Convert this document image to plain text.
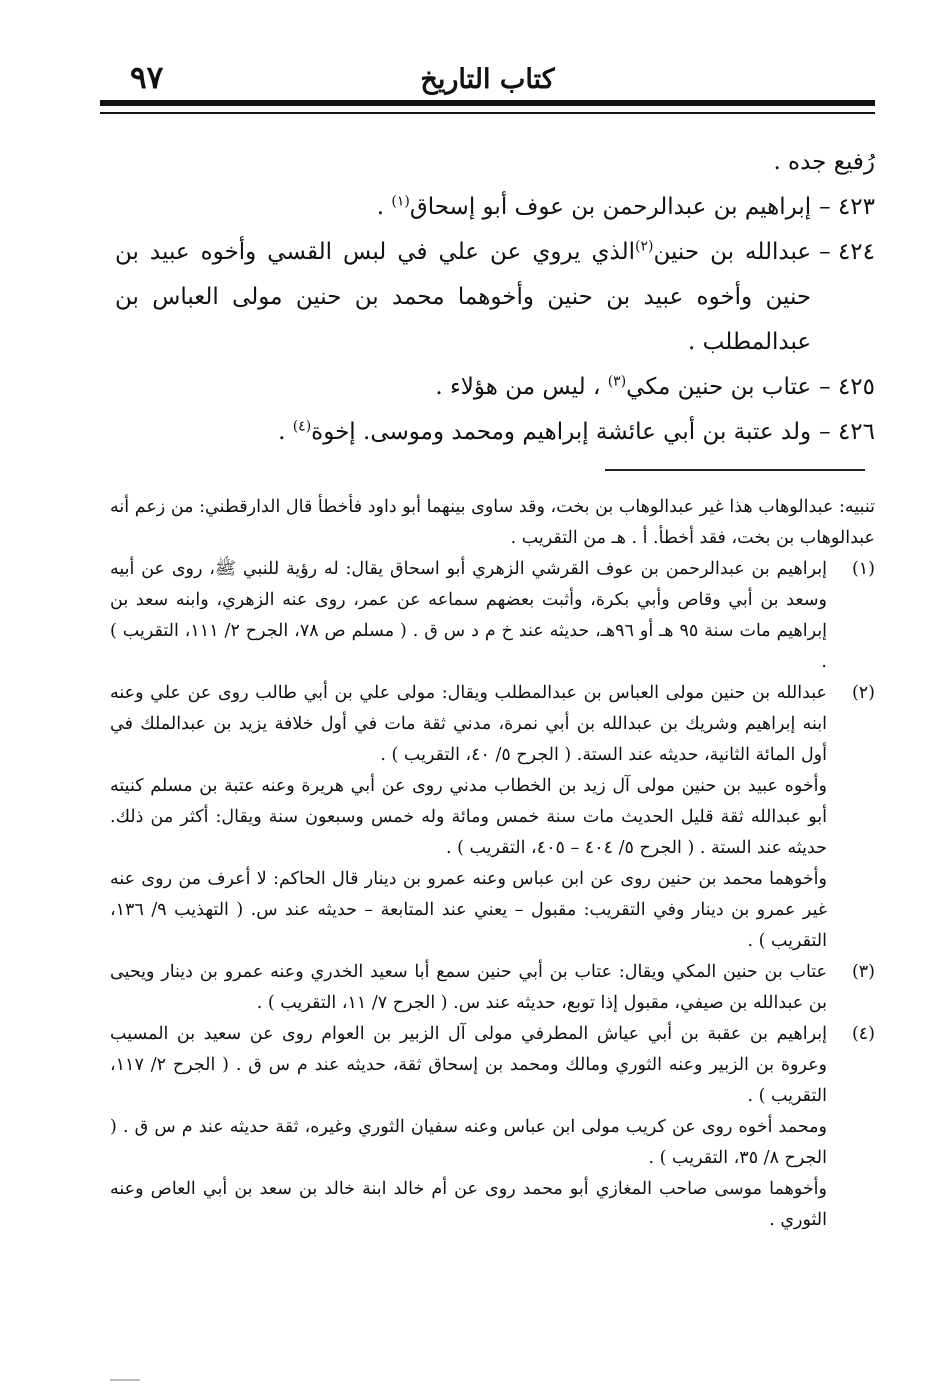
٩٧	كتاب التاريخ
رُفيع جده .
٤٢٣ –
إبراهيم بن عبدالرحمن بن عوف أبو إسحاق$^{(١)}$ .
٤٢٤ –
عبدالله بن حنين$^{(٢)}$الذي يروي عن علي في لبس القسي وأخوه عبيد بن حنين وأخوه عبيد بن حنين وأخوهما محمد بن حنين مولى العباس بن عبدالمطلب .
٤٢٥ –
عتاب بن حنين مكي$^{(٣)}$ ، ليس من هؤلاء .
٤٢٦ –
ولد عتبة بن أبي عائشة إبراهيم ومحمد وموسى. إخوة$^{(٤)}$ .

تنبيه: عبدالوهاب هذا غير عبدالوهاب بن بخت، وقد ساوى بينهما أبو داود فأخطأ قال الدارقطني: من زعم أنه عبدالوهاب بن بخت، فقد أخطأ. أ . هـ من التقريب .

(١)

إبراهيم بن عبدالرحمن بن عوف القرشي الزهري أبو اسحاق يقال: له رؤية للنبي ﷺ، روى عن أبيه وسعد بن أبي وقاص وأبي بكرة، وأثبت بعضهم سماعه عن عمر، روى عنه الزهري، وابنه سعد بن إبراهيم مات سنة ٩٥ هـ أو ٩٦هـ، حديثه عند خ م د س ق . ( مسلم ص ٧٨، الجرح ٢/ ١١١، التقريب ) .

(٢)

عبدالله بن حنين مولى العباس بن عبدالمطلب ويقال: مولى علي بن أبي طالب روى عن علي وعنه ابنه إبراهيم وشريك بن عبدالله بن أبي نمرة، مدني ثقة مات في أول خلافة يزيد بن عبدالملك في أول المائة الثانية، حديثه عند الستة. ( الجرح ٥/ ٤٠، التقريب ) .

وأخوه عبيد بن حنين مولى آل زيد بن الخطاب مدني روى عن أبي هريرة وعنه عتبة بن مسلم كنيته أبو عبدالله ثقة قليل الحديث مات سنة خمس ومائة وله خمس وسبعون سنة ويقال: أكثر من ذلك. حديثه عند الستة . ( الجرح ٥/ ٤٠٤ – ٤٠٥، التقريب ) .

وأخوهما محمد بن حنين روى عن ابن عباس وعنه عمرو بن دينار قال الحاكم: لا أعرف من روى عنه غير عمرو بن دينار وفي التقريب: مقبول – يعني عند المتابعة – حديثه عند س. ( التهذيب ٩/ ١٣٦، التقريب ) .

(٣)

عتاب بن حنين المكي ويقال: عتاب بن أبي حنين سمع أبا سعيد الخدري وعنه عمرو بن دينار ويحيى بن عبدالله بن صيفي، مقبول إذا توبع، حديثه عند س. ( الجرح ٧/ ١١، التقريب ) .

(٤)

إبراهيم بن عقبة بن أبي عياش المطرفي مولى آل الزبير بن العوام روى عن سعيد بن المسيب وعروة بن الزبير وعنه الثوري ومالك ومحمد بن إسحاق ثقة، حديثه عند م س ق . ( الجرح ٢/ ١١٧، التقريب ) .

ومحمد أخوه روى عن كريب مولى ابن عباس وعنه سفيان الثوري وغيره، ثقة حديثه عند م س ق . ( الجرح ٨/ ٣٥، التقريب ) .

وأخوهما موسى صاحب المغازي أبو محمد روى عن أم خالد ابنة خالد بن سعد بن أبي العاص وعنه الثوري .
